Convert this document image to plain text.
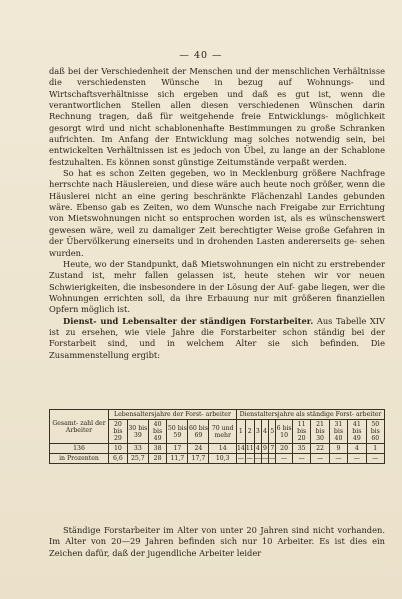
— 40 —

daß bei der Verschiedenheit der Menschen und der menschlichen Verhältnisse die verschiedensten Wünsche in bezug auf Wohnungs- und Wirtschaftsverhältnisse sich ergeben und daß es gut ist, wenn die verantwortlichen Stellen allen diesen verschiedenen Wünschen darin Rechnung tragen, daß für weitgehende freie Entwicklungs- möglichkeit gesorgt wird und nicht schablonenhafte Bestimmungen zu große Schranken aufrichten. Im Anfang der Entwicklung mag solches notwendig sein, bei entwickelten Verhältnissen ist es jedoch von Übel, zu lange an der Schablone festzuhalten. Es können sonst günstige Zeitumstände verpaßt werden.

So hat es schon Zeiten gegeben, wo in Mecklenburg größere Nachfrage herrschte nach Häuslereien, und diese wäre auch heute noch größer, wenn die Häuslerei nicht an eine gering beschränkte Flächenzahl Landes gebunden wäre. Ebenso gab es Zeiten, wo dem Wunsche nach Freigabe zur Errichtung von Mietswohnungen nicht so entsprochen worden ist, als es wünschenswert gewesen wäre, weil zu damaliger Zeit berechtigter Weise große Gefahren in der Übervölkerung einerseits und in drohenden Lasten andererseits ge- sehen wurden.

Heute, wo der Standpunkt, daß Mietswohnungen ein nicht zu erstrebender Zustand ist, mehr fallen gelassen ist, heute stehen wir vor neuen Schwierigkeiten, die insbesondere in der Lösung der Auf- gabe liegen, wer die Wohnungen errichten soll, da ihre Erbauung nur mit größeren finanziellen Opfern möglich ist.

Dienst- und Lebensalter der ständigen Forstarbeiter. Aus Tabelle XIV ist zu ersehen, wie viele Jahre die Forstarbeiter schon ständig bei der Forstarbeit sind, und in welchem Alter sie sich befinden. Die Zusammenstellung ergibt:

Gesamt- zahl der Arbeiter	Lebensaltersjahre der Forst- arbeiter						Dienstaltersjahre als ständige Forst- arbeiter										
	20 bis 29	30 bis 39	40 bis 49	50 bis 59	60 bis 69	70 und mehr	1	2	3	4	5	6 bis 10	11 bis 20	21 bis 30	31 bis 40	41 bis 49	50 bis 60
136	10	33	38	17	24	14	14	11	4	9	7	20	35	22	9	4	1
in Prozenten	6,6	25,7	28	11,7	17,7	10,3	—	—	—	—	—	—	—	—	—	—	—

Ständige Forstarbeiter im Alter von unter 20 Jahren sind nicht vorhanden. Im Alter von 20—29 Jahren befinden sich nur 10 Arbeiter. Es ist dies ein Zeichen dafür, daß der jugendliche Arbeiter leider
